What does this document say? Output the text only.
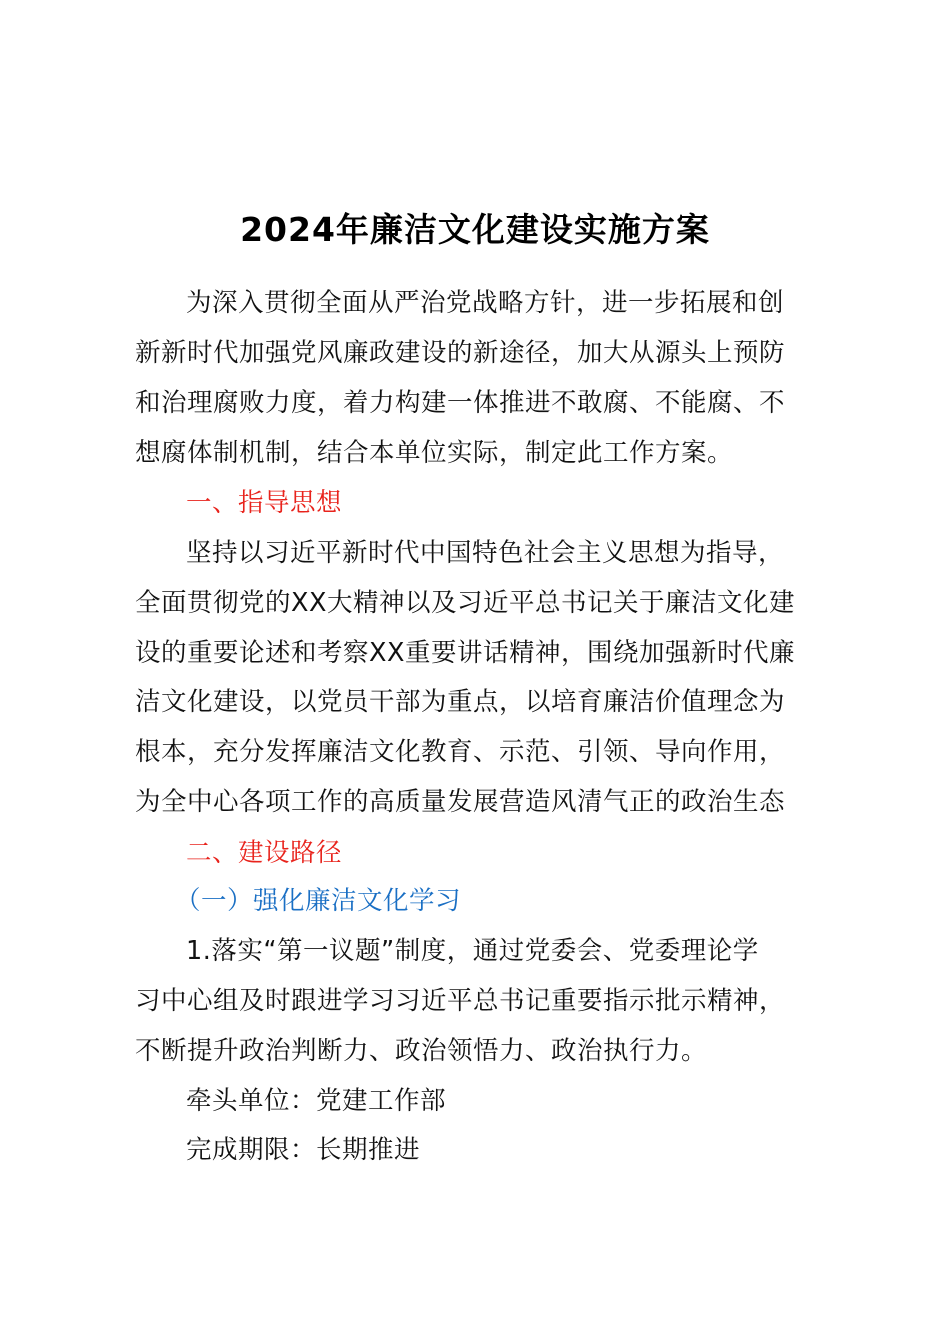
2024年廉洁文化建设实施方案
为深入贯彻全面从严治党战略方针，进一步拓展和创
新新时代加强党风廉政建设的新途径，加大从源头上预防
和治理腐败力度，着力构建一体推进不敢腐、不能腐、不
想腐体制机制，结合本单位实际，制定此工作方案。
一、指导思想
坚持以习近平新时代中国特色社会主义思想为指导，
全面贯彻党的XX大精神以及习近平总书记关于廉洁文化建
设的重要论述和考察XX重要讲话精神，围绕加强新时代廉
洁文化建设，以党员干部为重点，以培育廉洁价值理念为
根本，充分发挥廉洁文化教育、示范、引领、导向作用，
为全中心各项工作的高质量发展营造风清气正的政治生态
二、建设路径
（一）强化廉洁文化学习
1.落实“第一议题”制度，通过党委会、党委理论学
习中心组及时跟进学习习近平总书记重要指示批示精神，
不断提升政治判断力、政治领悟力、政治执行力。
牵头单位：党建工作部
完成期限：长期推进
